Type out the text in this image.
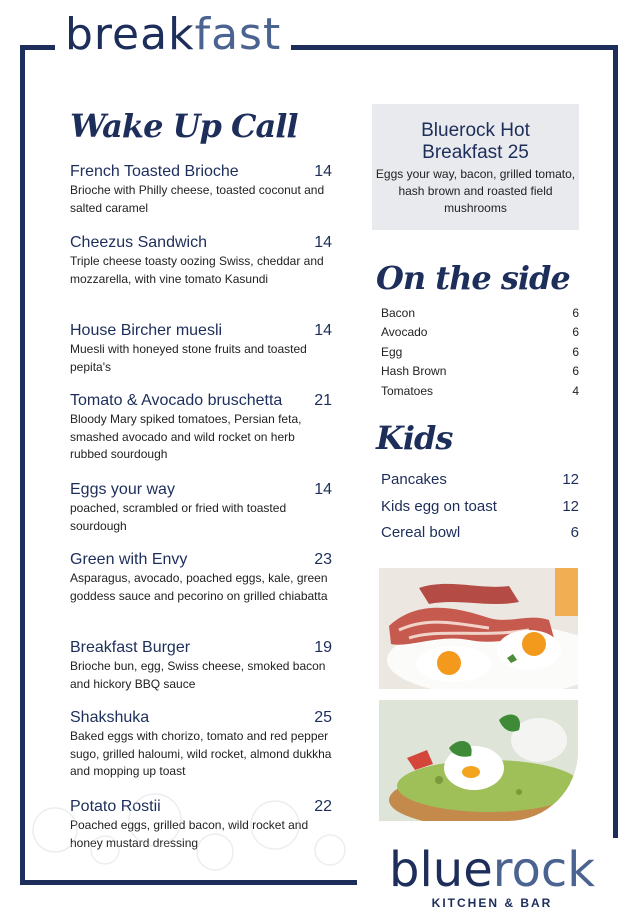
breakfast
Wake Up Call
French Toasted Brioche	14
Brioche with Philly cheese, toasted coconut and salted caramel
Cheezus Sandwich	14
Triple cheese toasty oozing Swiss, cheddar and mozzarella, with vine tomato Kasundi
House Bircher muesli	14
Muesli with honeyed stone fruits and toasted pepita's
Tomato & Avocado bruschetta 21
Bloody Mary spiked tomatoes, Persian feta, smashed avocado and wild rocket on herb rubbed sourdough
Eggs your way	14
poached, scrambled or fried with toasted sourdough
Green with Envy	23
Asparagus, avocado, poached eggs, kale, green goddess sauce and pecorino on grilled chiabatta
Breakfast Burger	19
Brioche bun, egg, Swiss cheese, smoked bacon and hickory BBQ sauce
Shakshuka	25
Baked eggs with chorizo, tomato and red pepper sugo, grilled haloumi, wild rocket, almond dukkha and mopping up toast
Potato Rostii	22
Poached eggs, grilled bacon, wild rocket and honey mustard dressing
Bluerock Hot
Breakfast 25
Eggs your way, bacon, grilled tomato, hash brown and roasted field mushrooms
On the side
Bacon	6
Avocado	6
Egg	6
Hash Brown	6
Tomatoes	4
Kids
Pancakes	12
Kids egg on toast	12
Cereal bowl	6
bluerock
KITCHEN & BAR
